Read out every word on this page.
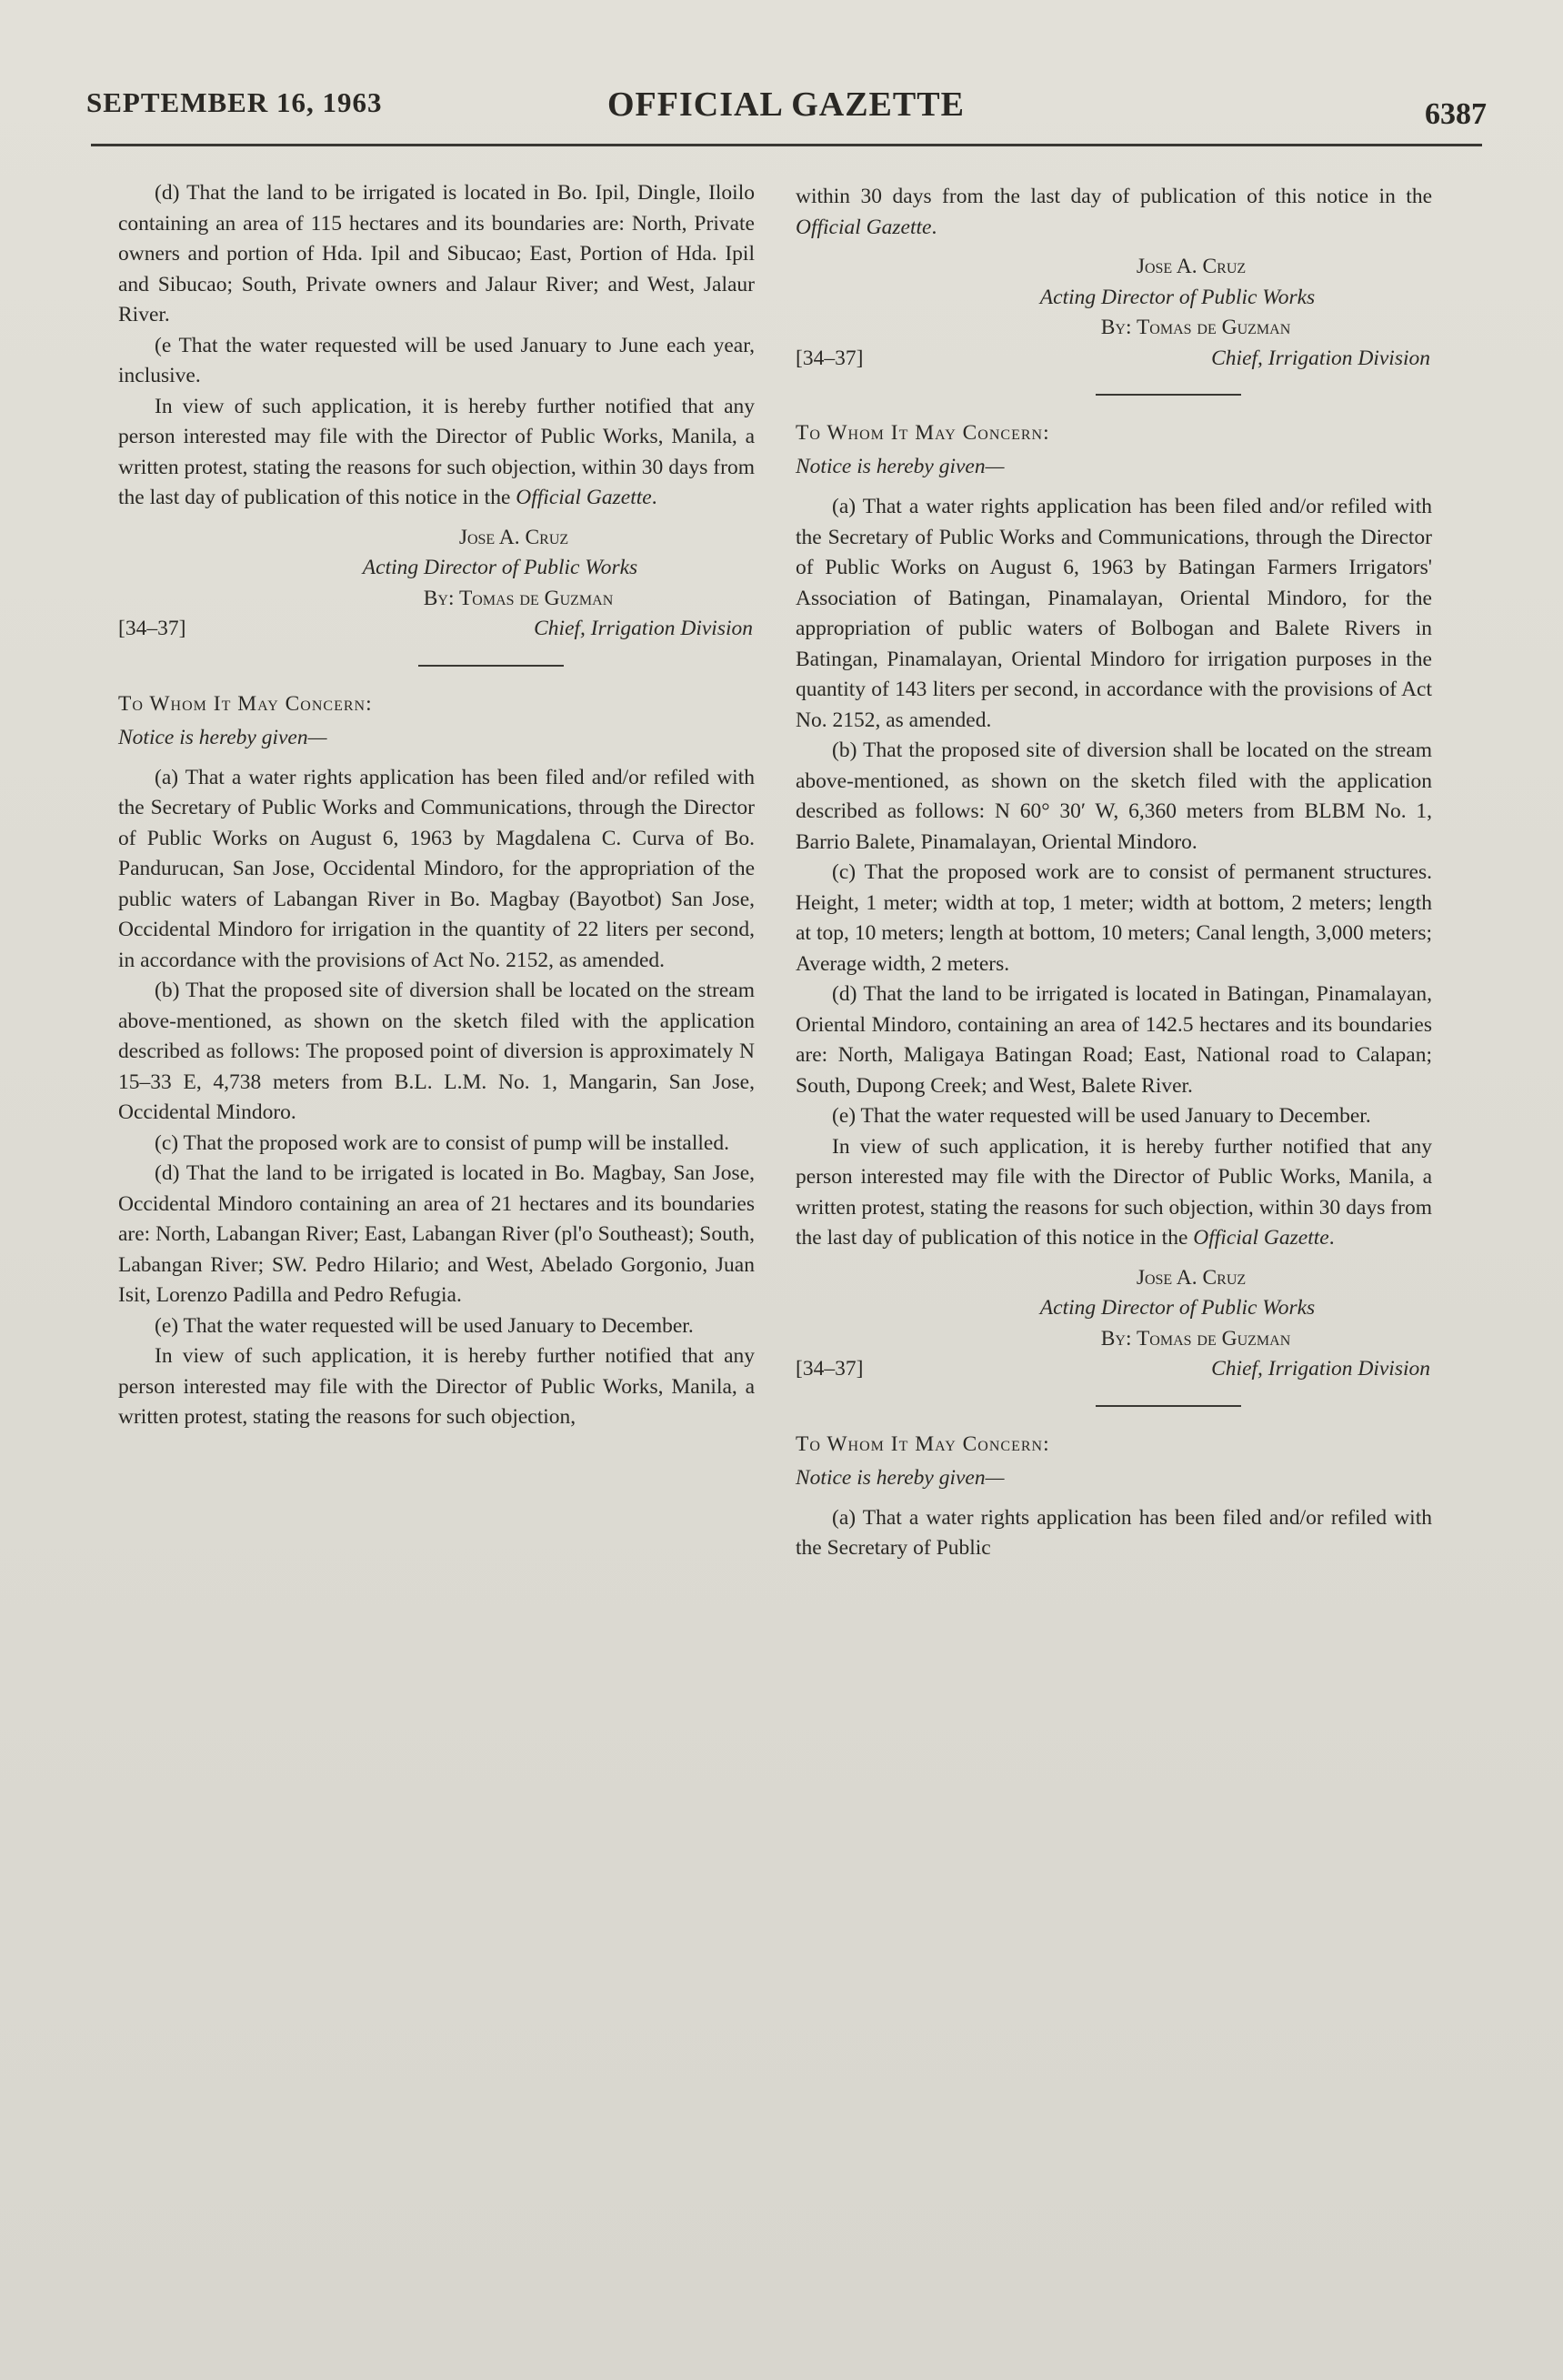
SEPTEMBER 16, 1963	OFFICIAL GAZETTE	6387

(d) That the land to be irrigated is located in Bo. Ipil, Dingle, Iloilo containing an area of 115 hectares and its boundaries are: North, Private owners and portion of Hda. Ipil and Sibucao; East, Portion of Hda. Ipil and Sibucao; South, Private owners and Jalaur River; and West, Jalaur River.

(e That the water requested will be used January to June each year, inclusive.

In view of such application, it is hereby further notified that any person interested may file with the Director of Public Works, Manila, a written protest, stating the reasons for such objection, within 30 days from the last day of publication of this notice in the Official Gazette.

Jose A. Cruz
Acting Director of Public Works
By: Tomas de Guzman
Chief, Irrigation Division
[34–37]
To Whom It May Concern:
Notice is hereby given—

(a) That a water rights application has been filed and/or refiled with the Secretary of Public Works and Communications, through the Director of Public Works on August 6, 1963 by Magdalena C. Curva of Bo. Pandurucan, San Jose, Occidental Mindoro, for the appropriation of the public waters of Labangan River in Bo. Magbay (Bayotbot) San Jose, Occidental Mindoro for irrigation in the quantity of 22 liters per second, in accordance with the provisions of Act No. 2152, as amended.

(b) That the proposed site of diversion shall be located on the stream above-mentioned, as shown on the sketch filed with the application described as follows: The proposed point of diversion is approximately N 15–33 E, 4,738 meters from B.L. L.M. No. 1, Mangarin, San Jose, Occidental Mindoro.

(c) That the proposed work are to consist of pump will be installed.

(d) That the land to be irrigated is located in Bo. Magbay, San Jose, Occidental Mindoro containing an area of 21 hectares and its boundaries are: North, Labangan River; East, Labangan River (pl'o Southeast); South, Labangan River; SW. Pedro Hilario; and West, Abelado Gorgonio, Juan Isit, Lorenzo Padilla and Pedro Refugia.

(e) That the water requested will be used January to December.

In view of such application, it is hereby further notified that any person interested may file with the Director of Public Works, Manila, a written protest, stating the reasons for such objection,

within 30 days from the last day of publication of this notice in the Official Gazette.

Jose A. Cruz
Acting Director of Public Works
By: Tomas de Guzman
Chief, Irrigation Division
[34–37]
To Whom It May Concern:
Notice is hereby given—

(a) That a water rights application has been filed and/or refiled with the Secretary of Public Works and Communications, through the Director of Public Works on August 6, 1963 by Batingan Farmers Irrigators' Association of Batingan, Pinamalayan, Oriental Mindoro, for the appropriation of public waters of Bolbogan and Balete Rivers in Batingan, Pinamalayan, Oriental Mindoro for irrigation purposes in the quantity of 143 liters per second, in accordance with the provisions of Act No. 2152, as amended.

(b) That the proposed site of diversion shall be located on the stream above-mentioned, as shown on the sketch filed with the application described as follows: N 60° 30′ W, 6,360 meters from BLBM No. 1, Barrio Balete, Pinamalayan, Oriental Mindoro.

(c) That the proposed work are to consist of permanent structures. Height, 1 meter; width at top, 1 meter; width at bottom, 2 meters; length at top, 10 meters; length at bottom, 10 meters; Canal length, 3,000 meters; Average width, 2 meters.

(d) That the land to be irrigated is located in Batingan, Pinamalayan, Oriental Mindoro, containing an area of 142.5 hectares and its boundaries are: North, Maligaya Batingan Road; East, National road to Calapan; South, Dupong Creek; and West, Balete River.

(e) That the water requested will be used January to December.

In view of such application, it is hereby further notified that any person interested may file with the Director of Public Works, Manila, a written protest, stating the reasons for such objection, within 30 days from the last day of publication of this notice in the Official Gazette.

Jose A. Cruz
Acting Director of Public Works
By: Tomas de Guzman
Chief, Irrigation Division
[34–37]
To Whom It May Concern:
Notice is hereby given—

(a) That a water rights application has been filed and/or refiled with the Secretary of Public
